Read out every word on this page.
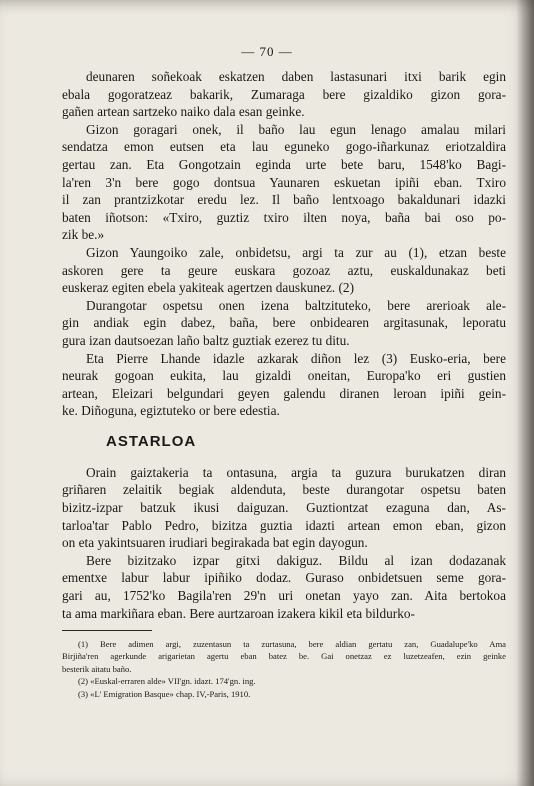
— 70 —
deunaren soñekoak eskatzen daben lastasunari itxi barik egin
ebala gogoratzeaz bakarik, Zumaraga bere gizaldiko gizon gora-
gañen artean sartzeko naiko dala esan geinke.
Gizon goragari onek, il baño lau egun lenago amalau milari
sendatza emon eutsen eta lau eguneko gogo-iñarkunaz eriotzaldira
gertau zan. Eta Gongotzain eginda urte bete baru, 1548'ko Bagi-
la'ren 3'n bere gogo dontsua Yaunaren eskuetan ipiñi eban. Txiro
il zan prantzizkotar eredu lez. Il baño lentxoago bakaldunari idazki
baten iñotson: «Txiro, guztiz txiro ilten noya, baña bai oso po-
zik be.»
Gizon Yaungoiko zale, onbidetsu, argi ta zur au (1), etzan beste
askoren gere ta geure euskara gozoaz aztu, euskaldunakaz beti
euskeraz egiten ebela yakiteak agertzen dauskunez. (2)
Durangotar ospetsu onen izena baltzituteko, bere arerioak ale-
gin andiak egin dabez, baña, bere onbidearen argitasunak, leporatu
gura izan dautsoezan laño baltz guztiak ezerez tu ditu.
Eta Pierre Lhande idazle azkarak diñon lez (3) Eusko-eria, bere
neurak gogoan eukita, lau gizaldi oneitan, Europa'ko eri gustien
artean, Eleizari belgundari geyen galendu diranen leroan ipiñi gein-
ke. Diñoguna, egiztuteko or bere edestia.
ASTARLOA
Orain gaiztakeria ta ontasuna, argia ta guzura burukatzen diran
griñaren zelaitik begiak aldenduta, beste durangotar ospetsu baten
bizitz-izpar batzuk ikusi daiguzan. Guztiontzat ezaguna dan, As-
tarloa'tar Pablo Pedro, bizitza guztia idazti artean emon eban, gizon
on eta yakintsuaren irudiari begirakada bat egin dayogun.
Bere bizitzako izpar gitxi dakiguz. Bildu al izan dodazanak
ementxe labur labur ipiñiko dodaz. Guraso onbidetsuen seme gora-
gari au, 1752'ko Bagila'ren 29'n uri onetan yayo zan. Aita bertokoa
ta ama markiñara eban. Bere aurtzaroan izakera kikil eta bildurko-
(1) Bere adimen argi, zuzentasun ta zurtasuna, bere aldian gertatu zan, Guadalupe'ko Ama
Birjiña'ren agerkunde arigarietan agertu eban batez be. Gai onetzaz ez luzetzeafen, ezin geinke
besterik aitatu baño.
(2) «Euskal-erraren alde» VII'gn. idazt. 174'gn. ing.
(3) «L' Emigration Basque» chap. IV,-Paris, 1910.
